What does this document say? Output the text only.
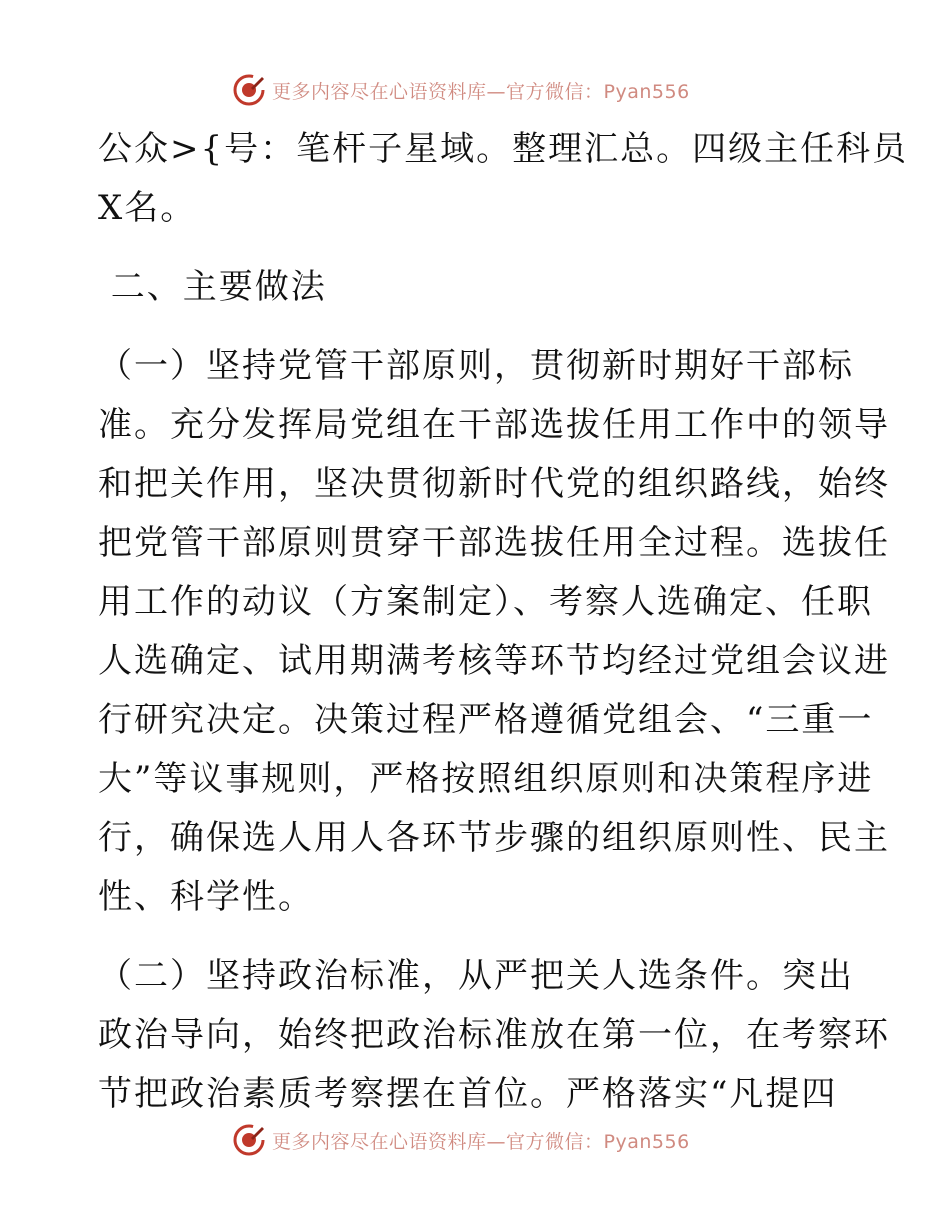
更多内容尽在心语资料库—官方微信：Pyan556
公众>{号：笔杆子星域。整理汇总。四级主任科员
X名。
二、主要做法
（一）坚持党管干部原则，贯彻新时期好干部标
准。充分发挥局党组在干部选拔任用工作中的领导
和把关作用，坚决贯彻新时代党的组织路线，始终
把党管干部原则贯穿干部选拔任用全过程。选拔任
用工作的动议（方案制定）、考察人选确定、任职
人选确定、试用期满考核等环节均经过党组会议进
行研究决定。决策过程严格遵循党组会、“三重一
大”等议事规则，严格按照组织原则和决策程序进
行，确保选人用人各环节步骤的组织原则性、民主
性、科学性。
（二）坚持政治标准，从严把关人选条件。突出
政治导向，始终把政治标准放在第一位，在考察环
节把政治素质考察摆在首位。严格落实“凡提四
更多内容尽在心语资料库—官方微信：Pyan556
